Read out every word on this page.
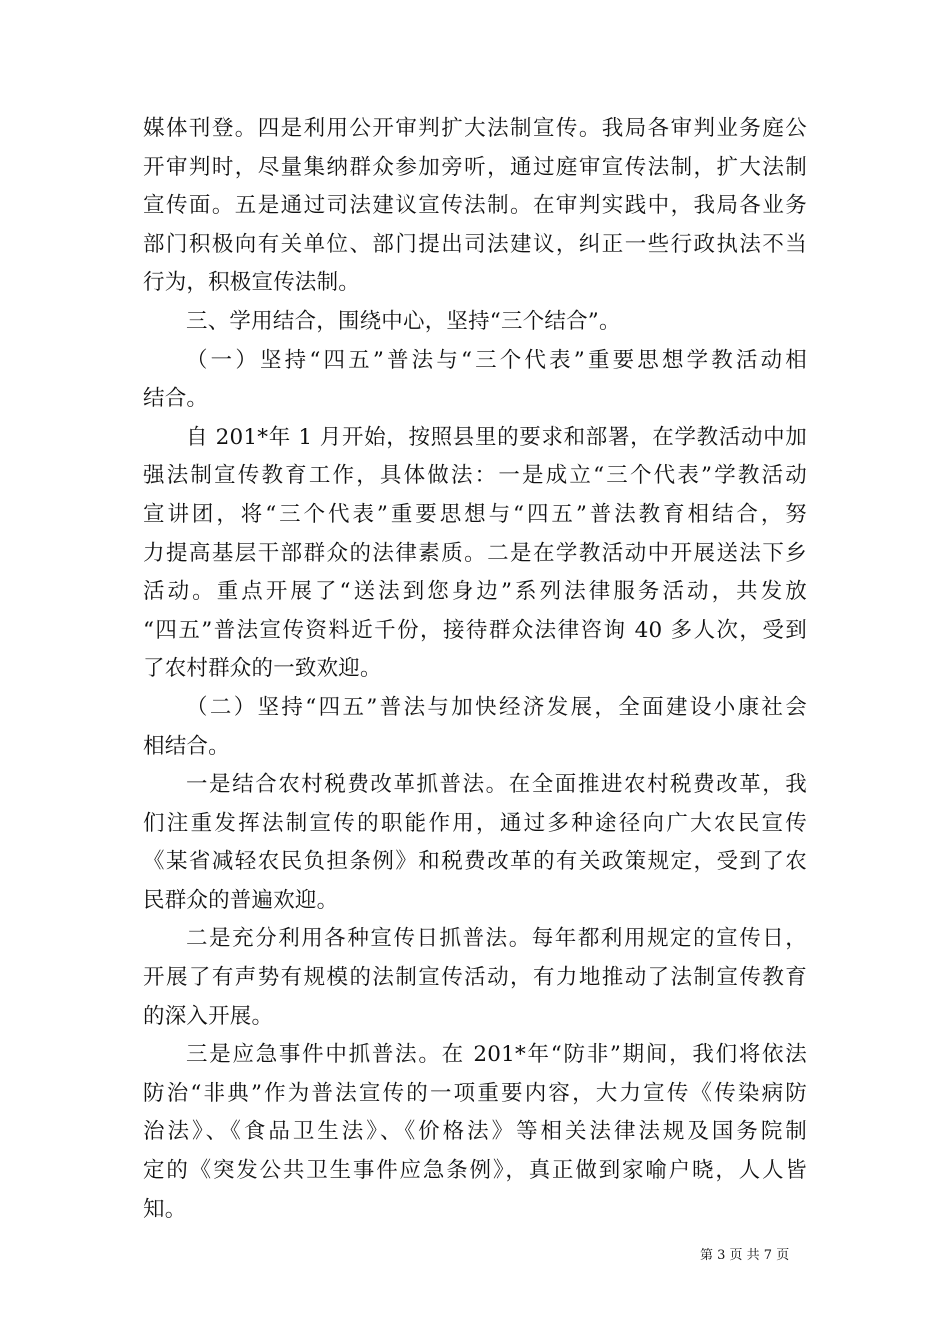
媒体刊登。四是利用公开审判扩大法制宣传。我局各审判业务庭公
开审判时，尽量集纳群众参加旁听，通过庭审宣传法制，扩大法制
宣传面。五是通过司法建议宣传法制。在审判实践中，我局各业务
部门积极向有关单位、部门提出司法建议，纠正一些行政执法不当
行为，积极宣传法制。
三、学用结合，围绕中心，坚持“三个结合”。
（一）坚持“四五”普法与“三个代表”重要思想学教活动相
结合。
自 201*年 1 月开始，按照县里的要求和部署，在学教活动中加
强法制宣传教育工作，具体做法：一是成立“三个代表”学教活动
宣讲团，将“三个代表”重要思想与“四五”普法教育相结合，努
力提高基层干部群众的法律素质。二是在学教活动中开展送法下乡
活动。重点开展了“送法到您身边”系列法律服务活动，共发放
“四五”普法宣传资料近千份，接待群众法律咨询 40 多人次，受到
了农村群众的一致欢迎。
（二）坚持“四五”普法与加快经济发展，全面建设小康社会
相结合。
一是结合农村税费改革抓普法。在全面推进农村税费改革，我
们注重发挥法制宣传的职能作用，通过多种途径向广大农民宣传
《某省减轻农民负担条例》和税费改革的有关政策规定，受到了农
民群众的普遍欢迎。
二是充分利用各种宣传日抓普法。每年都利用规定的宣传日，
开展了有声势有规模的法制宣传活动，有力地推动了法制宣传教育
的深入开展。
三是应急事件中抓普法。在 201*年“防非”期间，我们将依法
防治“非典”作为普法宣传的一项重要内容，大力宣传《传染病防
治法》、《食品卫生法》、《价格法》等相关法律法规及国务院制
定的《突发公共卫生事件应急条例》，真正做到家喻户晓，人人皆
知。
第 3 页 共 7 页
